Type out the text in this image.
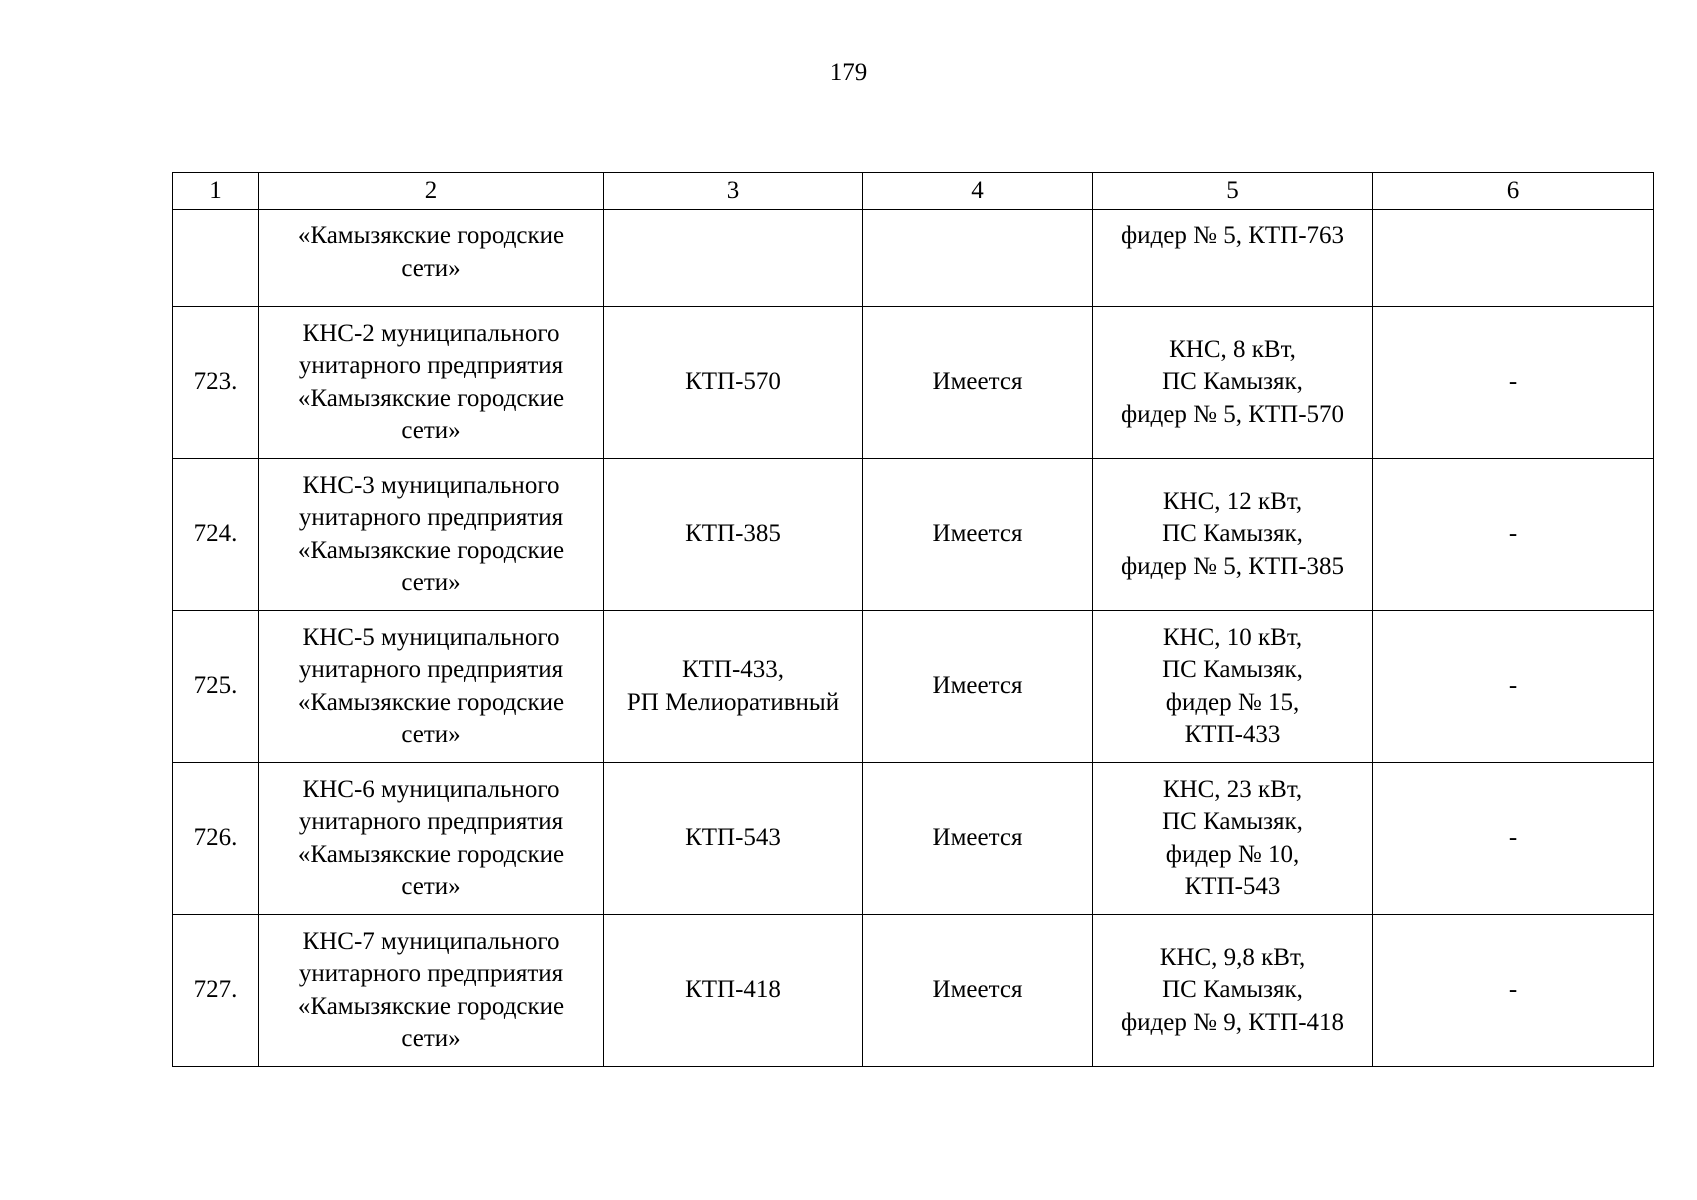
179
1	2	3	4	5	6

	«Камызякские городские
сети»			фидер № 5, КТП-763	

723.	КНС-2 муниципального
унитарного предприятия
«Камызякские городские
сети»	КТП-570	Имеется	КНС, 8 кВт,
ПС Камызяк,
фидер № 5, КТП-570	-
724.	КНС-3 муниципального
унитарного предприятия
«Камызякские городские
сети»	КТП-385	Имеется	КНС, 12 кВт,
ПС Камызяк,
фидер № 5, КТП-385	-
725.	КНС-5 муниципального
унитарного предприятия
«Камызякские городские
сети»	КТП-433,
РП Мелиоративный	Имеется	КНС, 10 кВт,
ПС Камызяк,
фидер № 15,
КТП-433	-
726.	КНС-6 муниципального
унитарного предприятия
«Камызякские городские
сети»	КТП-543	Имеется	КНС, 23 кВт,
ПС Камызяк,
фидер № 10,
КТП-543	-
727.	КНС-7 муниципального
унитарного предприятия
«Камызякские городские
сети»	КТП-418	Имеется	КНС, 9,8 кВт,
ПС Камызяк,
фидер № 9, КТП-418	-
